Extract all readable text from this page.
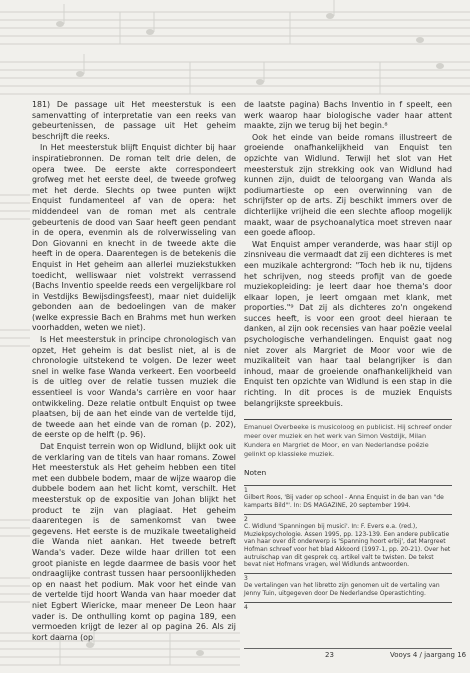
181) De passage uit Het meesterstuk is een samenvatting of interpretatie van een reeks van gebeurtenissen, de passage uit Het geheim beschrijft die reeks.

In Het meesterstuk blijft Enquist dichter bij haar inspiratiebronnen. De roman telt drie delen, de opera twee. De eerste akte correspondeert grofweg met het eerste deel, de tweede grofweg met het derde. Slechts op twee punten wijkt Enquist fundamenteel af van de opera: het middendeel van de roman met als centrale gebeurtenis de dood van Saar heeft geen pendant in de opera, evenmin als de rolverwisseling van Don Giovanni en knecht in de tweede akte die heeft in de opera. Daarentegen is de betekenis die Enquist in Het geheim aan allerlei muziekstukken toedicht, welliswaar niet volstrekt verrassend (Bachs Inventio speelde reeds een vergelijkbare rol in Vestdijks Bewijsdingsfeest), maar niet duidelijk gebonden aan de bedoelingen van de maker (welke expressie Bach en Brahms met hun werken voorhadden, weten we niet).

Is Het meesterstuk in principe chronologisch van opzet, Het geheim is dat beslist niet, al is de chronologie uitstekend te volgen. De lezer weet snel in welke fase Wanda verkeert. Een voorbeeld is de uitleg over de relatie tussen muziek die essentieel is voor Wanda's carrière en voor haar ontwikkeling. Deze relatie ontbult Enquist op twee plaatsen, bij de aan het einde van de vertelde tijd, de tweede aan het einde van de roman (p. 202), de eerste op de helft (p. 96).

Dat Enquist terrein won op Widlund, blijkt ook uit de verklaring van de titels van haar romans. Zowel Het meesterstuk als Het geheim hebben een titel met een dubbele bodem, maar de wijze waarop die dubbele bodem aan het licht komt, verschilt. Het meesterstuk op de expositie van Johan blijkt het product te zijn van plagiaat. Het geheim daarentegen is de samenkomst van twee gegevens. Het eerste is de muzikale tweetaligheid die Wanda niet aankan. Het tweede betreft Wanda's vader. Deze wilde haar drillen tot een groot pianiste en legde daarmee de basis voor het ondraaglijke contrast tussen haar persoonlijkheden op en naast het podium. Mak voor het einde van de vertelde tijd hoort Wanda van haar moeder dat niet Egbert Wiericke, maar meneer De Leon haar vader is. De onthulling komt op pagina 189, een vermoeden krijgt de lezer al op pagina 26. Als zij kort daarna (op

de laatste pagina) Bachs Inventio in f speelt, een werk waarop haar biologische vader haar attent maakte, zijn we terug bij het begin.⁸

Ook het einde van beide romans illustreert de groeiende onafhankelijkheid van Enquist ten opzichte van Widlund. Terwijl het slot van Het meesterstuk zijn strekking ook van Widlund had kunnen zijn, duidt de teloorgang van Wanda als podiumartieste op een overwinning van de schrijfster op de arts. Zij beschikt immers over de dichterlijke vrijheid die een slechte afloop mogelijk maakt, waar de psychoanalytica moet streven naar een goede afloop.

Wat Enquist amper veranderde, was haar stijl op zinsniveau die vermaadt dat zij een dichteres is met een muzikale achtergrond: "Toch heb ik nu, tijdens het schrijven, nog steeds profijt van de goede muziekopleiding: je leert daar hoe thema's door elkaar lopen, je leert omgaan met klank, met proporties."⁹ Dat zij als dichteres zo'n ongekend succes heeft, is voor een groot deel hieraan te danken, al zijn ook recensies van haar poëzie veelal psychologische verhandelingen. Enquist gaat nog niet zover als Margriet de Moor voor wie de muzikaliteit van haar taal belangrijker is dan inhoud, maar de groeiende onafhankelijkheid van Enquist ten opzichte van Widlund is een stap in die richting. In dit proces is de muziek Enquists belangrijkste spreekbuis.

Emanuel Overbeeke is musicoloog en publicist. Hij schreef onder meer over muziek en het werk van Simon Vestdijk, Milan Kundera en Margriet de Moor, en van Nederlandse poëzie gelinkt op klassieke muziek.
Noten
1
Gilbert Roos, 'Bij vader op school - Anna Enquist in de ban van "de kamparts Bild"'. In: DS MAGAZINE, 20 september 1994.
2
C. Widlund 'Spanningen bij musici'. In: F. Evers e.a. (red.), Muziekpsychologie. Assen 1995, pp. 123-139. Een andere publicatie van haar over dit onderwerp is 'Spanning hoort erbij', dat Margreet Hofman schreef voor het blad Akkoord (1997-1, pp. 20-21). Over het autruischap van dit gesprek cq. artikel valt te twisten. De tekst bevat niet Hofmans vragen, wel Widlunds antwoorden.
3
De vertalingen van het libretto zijn genomen uit de vertaling van Jenny Tuin, uitgegeven door De Nederlandse Operastichting.
4
23	Vooys 4 / jaargang 16
